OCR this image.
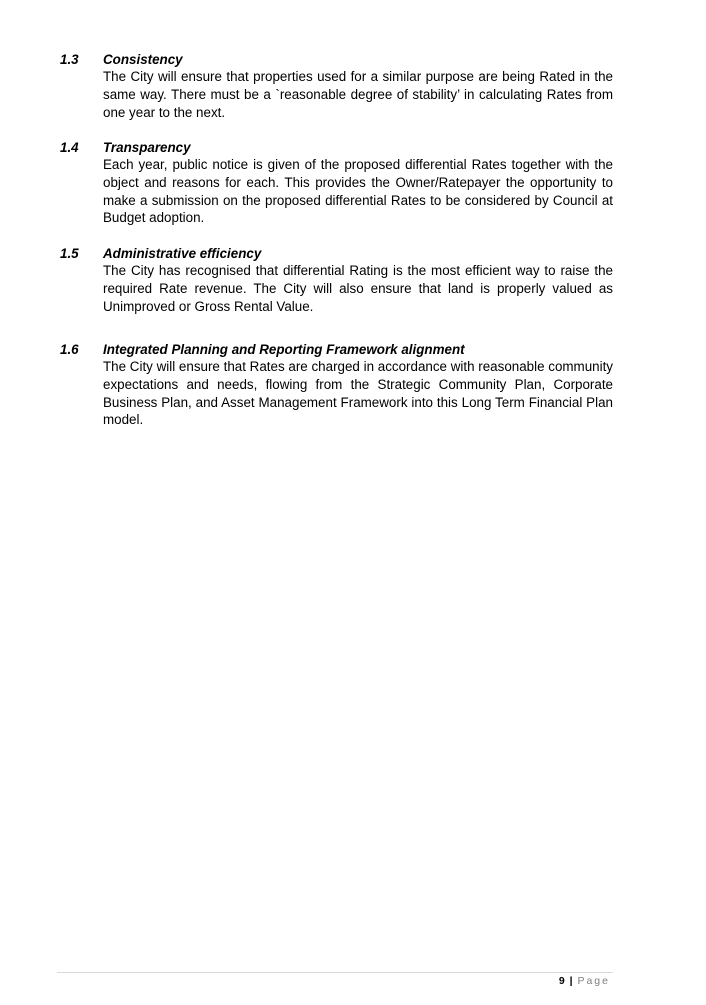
1.3 Consistency
The City will ensure that properties used for a similar purpose are being Rated in the same way. There must be a `reasonable degree of stability’ in calculating Rates from one year to the next.
1.4 Transparency
Each year, public notice is given of the proposed differential Rates together with the object and reasons for each. This provides the Owner/Ratepayer the opportunity to make a submission on the proposed differential Rates to be considered by Council at Budget adoption.
1.5 Administrative efficiency
The City has recognised that differential Rating is the most efficient way to raise the required Rate revenue. The City will also ensure that land is properly valued as Unimproved or Gross Rental Value.
1.6 Integrated Planning and Reporting Framework alignment
The City will ensure that Rates are charged in accordance with reasonable community expectations and needs, flowing from the Strategic Community Plan, Corporate Business Plan, and Asset Management Framework into this Long Term Financial Plan model.
9 | Page
